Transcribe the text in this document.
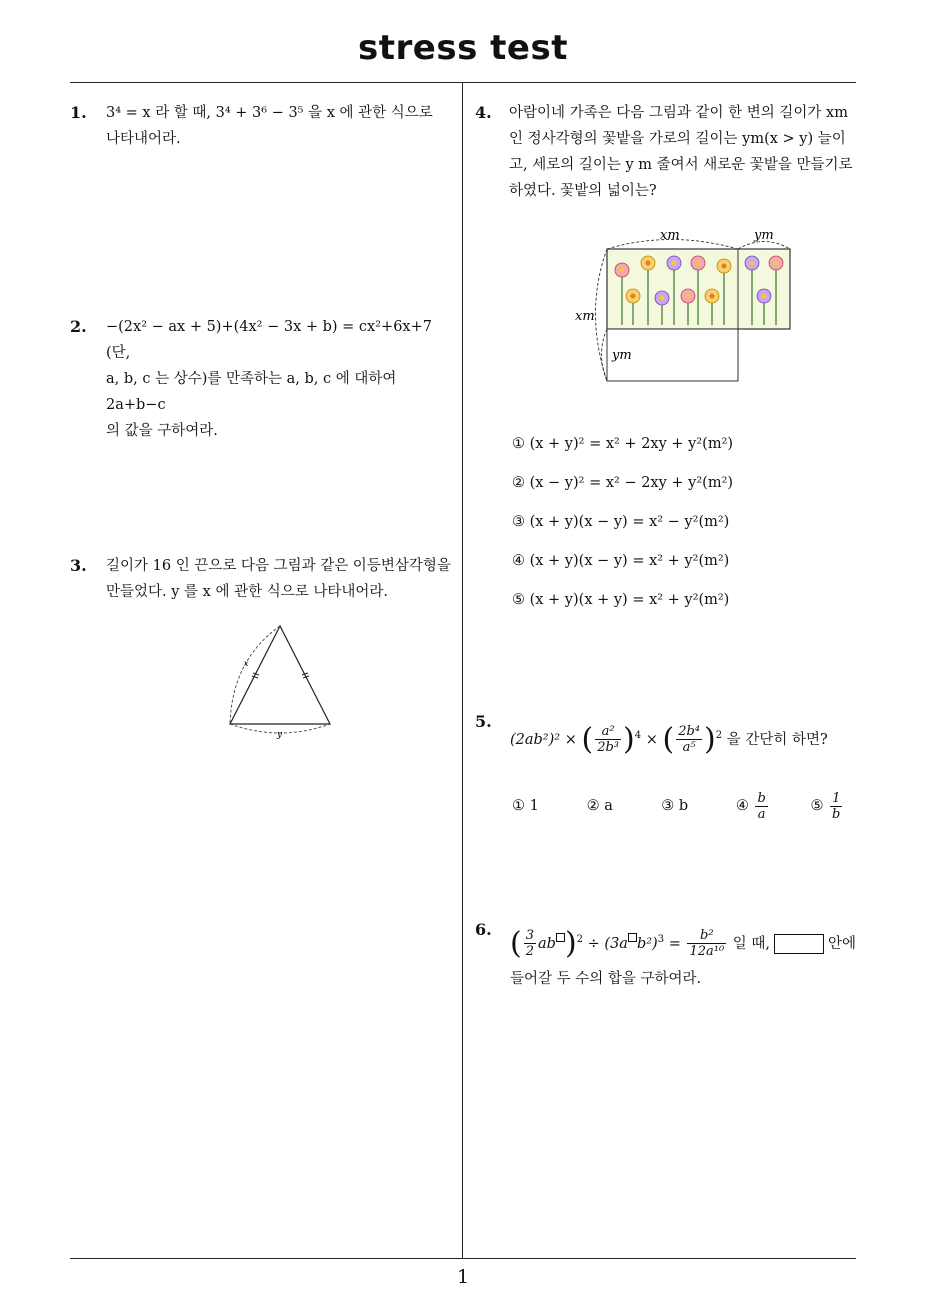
stress test
1
1. 3⁴ = x 라 할 때, 3⁴ + 3⁶ − 3⁵ 을 x 에 관한 식으로
나타내어라.
2. −(2x² − ax + 5)+(4x² − 3x + b) = cx²+6x+7 (단,
a, b, c 는 상수)를 만족하는 a, b, c 에 대하여 2a+b−c
의 값을 구하여라.
3. 길이가 16 인 끈으로 다음 그림과 같은 이등변삼각형을
만들었다. y 를 x 에 관한 식으로 나타내어라.
x
y
4. 아람이네 가족은 다음 그림과 같이 한 변의 길이가 xm
인 정사각형의 꽃밭을 가로의 길이는 ym(x > y) 늘이
고, 세로의 길이는 y m 줄여서 새로운 꽃밭을 만들기로
하였다. 꽃밭의 넓이는?
xm	ym
xm
ym
① (x + y)² = x² + 2xy + y²(m²)
② (x − y)² = x² − 2xy + y²(m²)
③ (x + y)(x − y) = x² − y²(m²)
④ (x + y)(x − y) = x² + y²(m²)
⑤ (x + y)(x + y) = x² + y²(m²)
5.
(2ab²)² × ( $\frac{\text{a²}}{\text{2b³}} )^4$ × ( $\frac{\text{2b⁴}}{\text{a⁵}} )^2$ 을 간단히 하면?
① 1	② a	③ b	④ $\frac{b}{a}$	⑤ $\frac{1}{b}$
6. ( $\frac{3}{2}$ ab )$^2$ ÷ (3a $b^2)^3 = \frac{\text{b²}}{\text{12a¹⁰}}$ 일 때,	안에
들어갈 두 수의 합을 구하여라.
